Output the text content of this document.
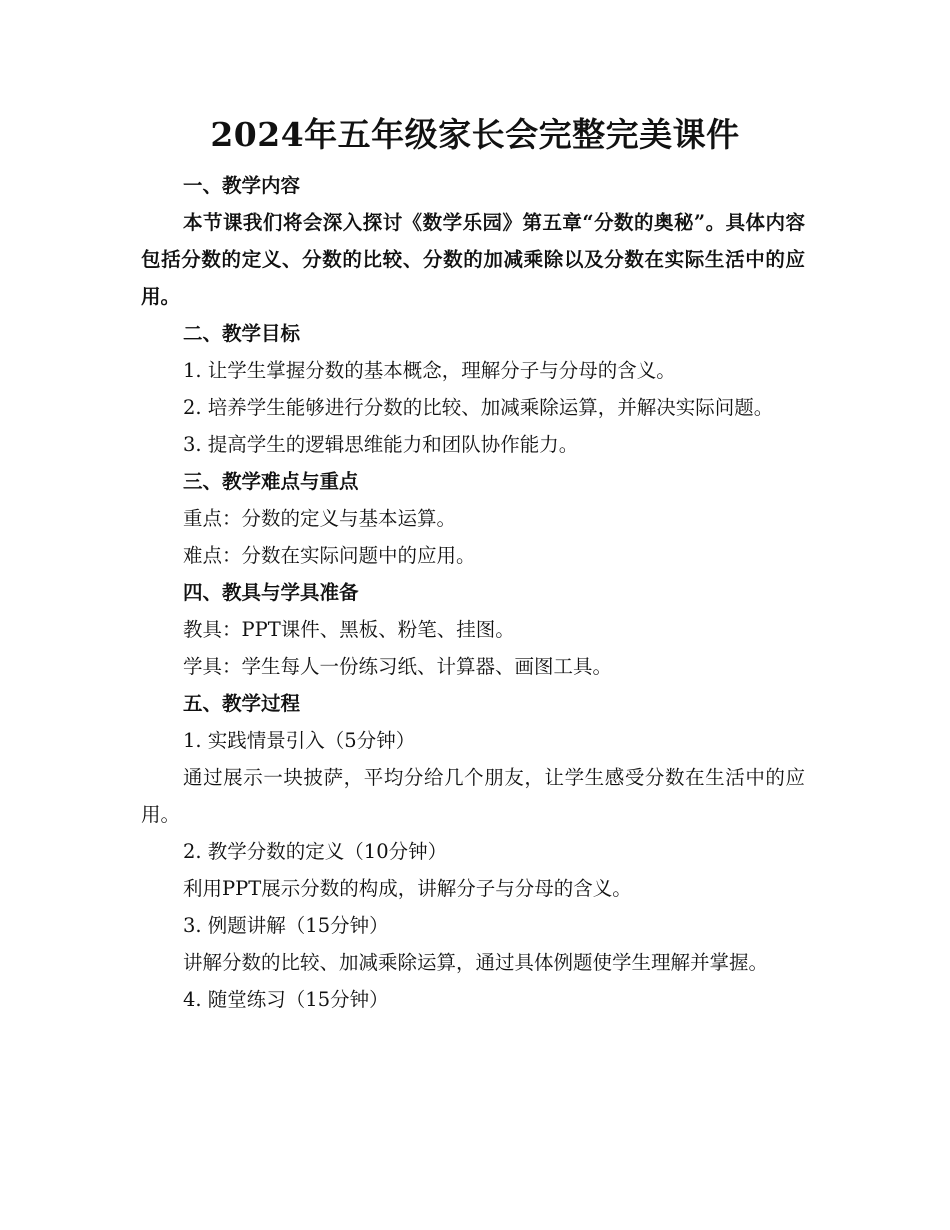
2024年五年级家长会完整完美课件

一、教学内容

本节课我们将会深入探讨《数学乐园》第五章“分数的奥秘”。具体内容包括分数的定义、分数的比较、分数的加减乘除以及分数在实际生活中的应用。

二、教学目标

1. 让学生掌握分数的基本概念，理解分子与分母的含义。

2. 培养学生能够进行分数的比较、加减乘除运算，并解决实际问题。

3. 提高学生的逻辑思维能力和团队协作能力。

三、教学难点与重点

重点：分数的定义与基本运算。

难点：分数在实际问题中的应用。

四、教具与学具准备

教具：PPT课件、黑板、粉笔、挂图。

学具：学生每人一份练习纸、计算器、画图工具。

五、教学过程

1. 实践情景引入（5分钟）

通过展示一块披萨，平均分给几个朋友，让学生感受分数在生活中的应用。

2. 教学分数的定义（10分钟）

利用PPT展示分数的构成，讲解分子与分母的含义。

3. 例题讲解（15分钟）

讲解分数的比较、加减乘除运算，通过具体例题使学生理解并掌握。

4. 随堂练习（15分钟）
